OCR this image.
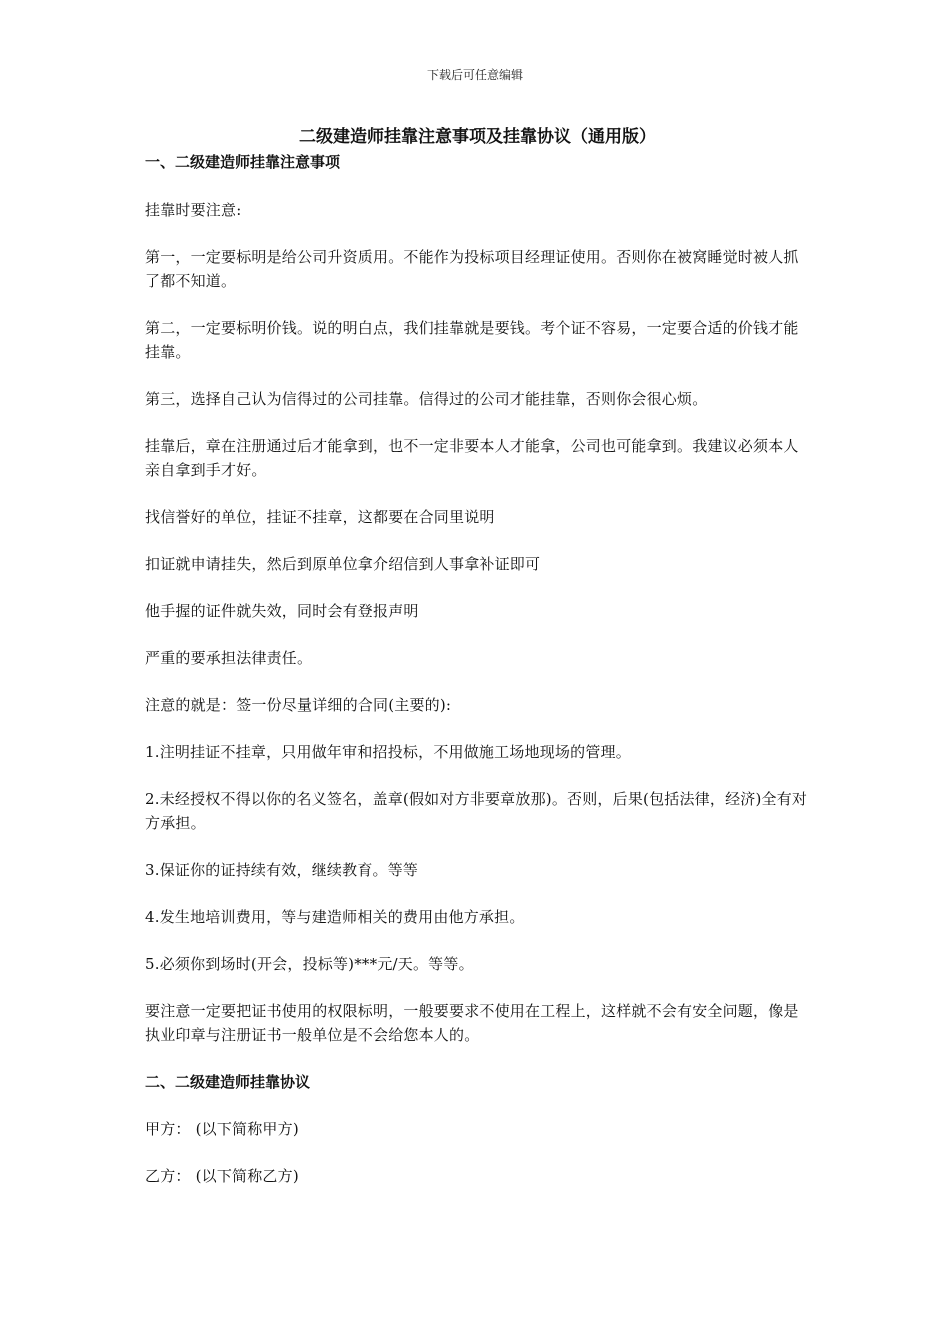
下载后可任意编辑
二级建造师挂靠注意事项及挂靠协议（通用版）
一、二级建造师挂靠注意事项

挂靠时要注意:

第一，一定要标明是给公司升资质用。不能作为投标项目经理证使用。否则你在被窝睡觉时被人抓了都不知道。

第二，一定要标明价钱。说的明白点，我们挂靠就是要钱。考个证不容易，一定要合适的价钱才能挂靠。

第三，选择自己认为信得过的公司挂靠。信得过的公司才能挂靠，否则你会很心烦。

挂靠后，章在注册通过后才能拿到，也不一定非要本人才能拿，公司也可能拿到。我建议必须本人亲自拿到手才好。

找信誉好的单位，挂证不挂章，这都要在合同里说明

扣证就申请挂失，然后到原单位拿介绍信到人事拿补证即可

他手握的证件就失效，同时会有登报声明

严重的要承担法律责任。

注意的就是：签一份尽量详细的合同(主要的):

1.注明挂证不挂章，只用做年审和招投标，不用做施工场地现场的管理。

2.未经授权不得以你的名义签名，盖章(假如对方非要章放那)。否则，后果(包括法律，经济)全有对方承担。

3.保证你的证持续有效，继续教育。等等

4.发生地培训费用，等与建造师相关的费用由他方承担。

5.必须你到场时(开会，投标等)***元/天。等等。

要注意一定要把证书使用的权限标明，一般要要求不使用在工程上，这样就不会有安全问题，像是执业印章与注册证书一般单位是不会给您本人的。

二、二级建造师挂靠协议

甲方： (以下简称甲方)

乙方： (以下简称乙方)
